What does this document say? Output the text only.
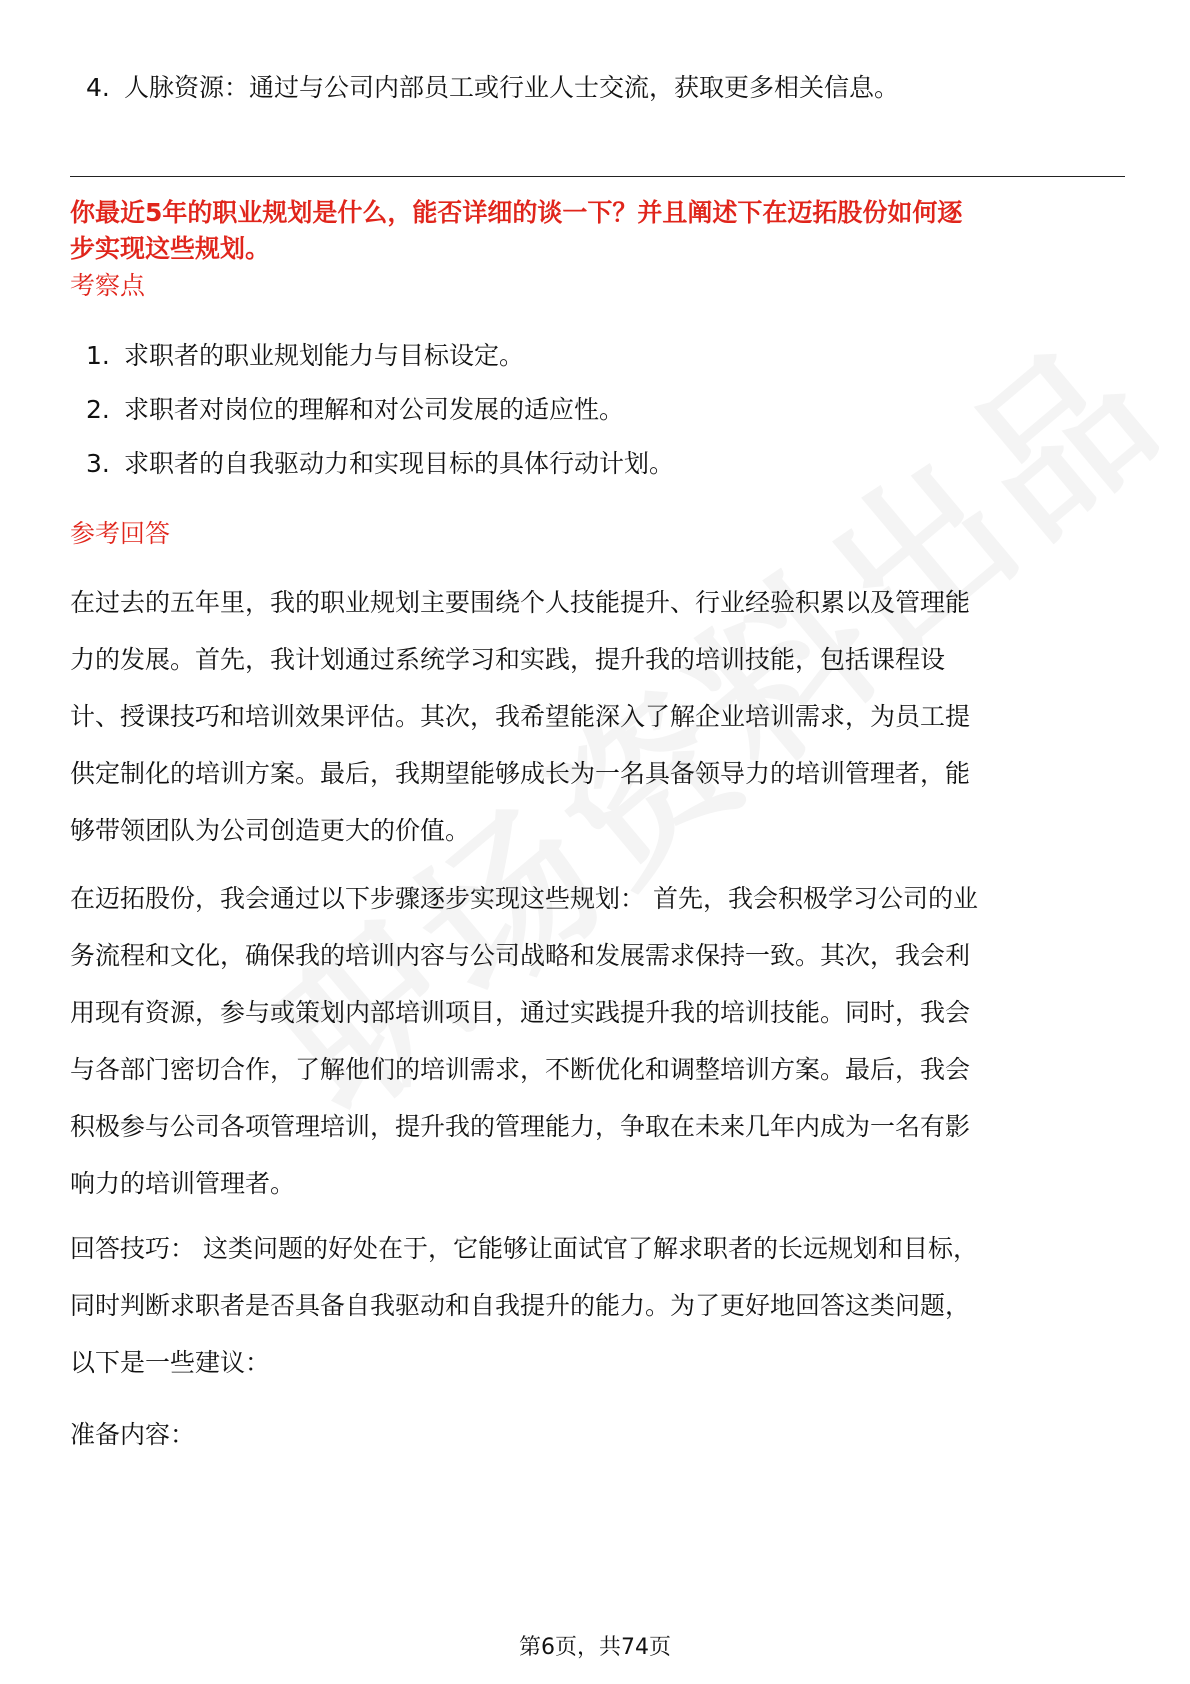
4. 人脉资源：通过与公司内部员工或行业人士交流，获取更多相关信息。
你最近5年的职业规划是什么，能否详细的谈一下？并且阐述下在迈拓股份如何逐
步实现这些规划。
考察点
1. 求职者的职业规划能力与目标设定。
2. 求职者对岗位的理解和对公司发展的适应性。
3. 求职者的自我驱动力和实现目标的具体行动计划。
参考回答
在过去的五年里，我的职业规划主要围绕个人技能提升、行业经验积累以及管理能
力的发展。首先，我计划通过系统学习和实践，提升我的培训技能，包括课程设
计、授课技巧和培训效果评估。其次，我希望能深入了解企业培训需求，为员工提
供定制化的培训方案。最后，我期望能够成长为一名具备领导力的培训管理者，能
够带领团队为公司创造更大的价值。
在迈拓股份，我会通过以下步骤逐步实现这些规划： 首先，我会积极学习公司的业
务流程和文化，确保我的培训内容与公司战略和发展需求保持一致。其次，我会利
用现有资源，参与或策划内部培训项目，通过实践提升我的培训技能。同时，我会
与各部门密切合作，了解他们的培训需求，不断优化和调整培训方案。最后，我会
积极参与公司各项管理培训，提升我的管理能力，争取在未来几年内成为一名有影
响力的培训管理者。
回答技巧： 这类问题的好处在于，它能够让面试官了解求职者的长远规划和目标，
同时判断求职者是否具备自我驱动和自我提升的能力。为了更好地回答这类问题，
以下是一些建议：
准备内容：
第6页，共74页
